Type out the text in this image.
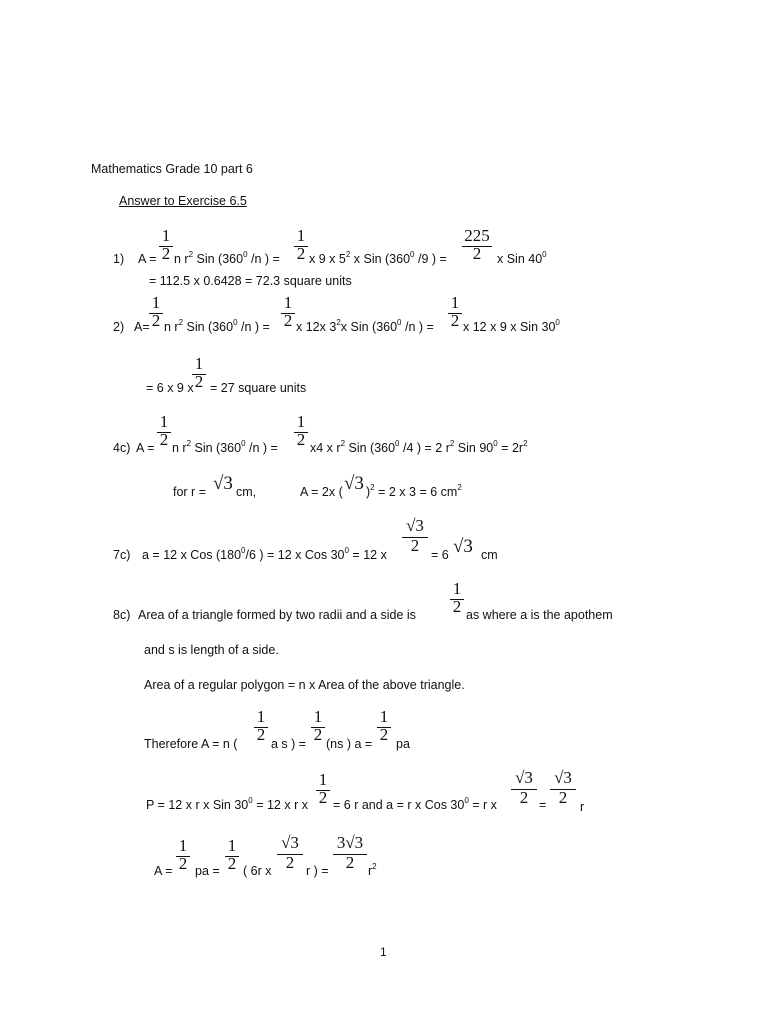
Mathematics Grade 10 part 6
Answer to Exercise 6.5
1) A =
1
2 n $r^2$ Sin ($360^0$ /n ) =
1
2 x 9 x $5^2$ x Sin ($360^0$ /9 ) =
225
2	x Sin $40^0$
= 112.5 x 0.6428 = 72.3 square units
2) A=
1
2 n $r^2$ Sin ($360^0$ /n ) =
1
2 x 12x $3^2x$ Sin ($360^0$ /n ) =
1
2 x 12 x 9 x Sin $30^0$
= 6 x 9 x
1
2 = 27 square units
4c) A =
1
2 n $r^2$ Sin ($360^0$ /n ) =
1
2 x4 x $r^2$ Sin ($360^0$ /4 ) = 2 $r^2$ Sin $90^0 = 2r^2$
for r = √3 cm,	A = 2x ( √3 )$^2$ = 2 x 3 = 6 $cm^2$
7c) a = 12 x Cos ($180^0/6$ ) = 12 x Cos $30^0 = 12$ x
√3
2 = 6 √3 cm
8c) Area of a triangle formed by two radii and a side is
1
2 as where a is the apothem
and s is length of a side.
Area of a regular polygon = n x Area of the above triangle.
Therefore A = n (
1
2 a s ) =
1
2 (ns ) a =
1
2 pa
P = 12 x r x Sin $30^0 = 12$ x r x
1
2 = 6 r and a = r x Cos $30^0 = r$ x
√3
2 =
√3
2	r
A =
1
2 pa =
1
2 ( 6r x
√3
2 r ) =
3√3
2	$r^2$
1
